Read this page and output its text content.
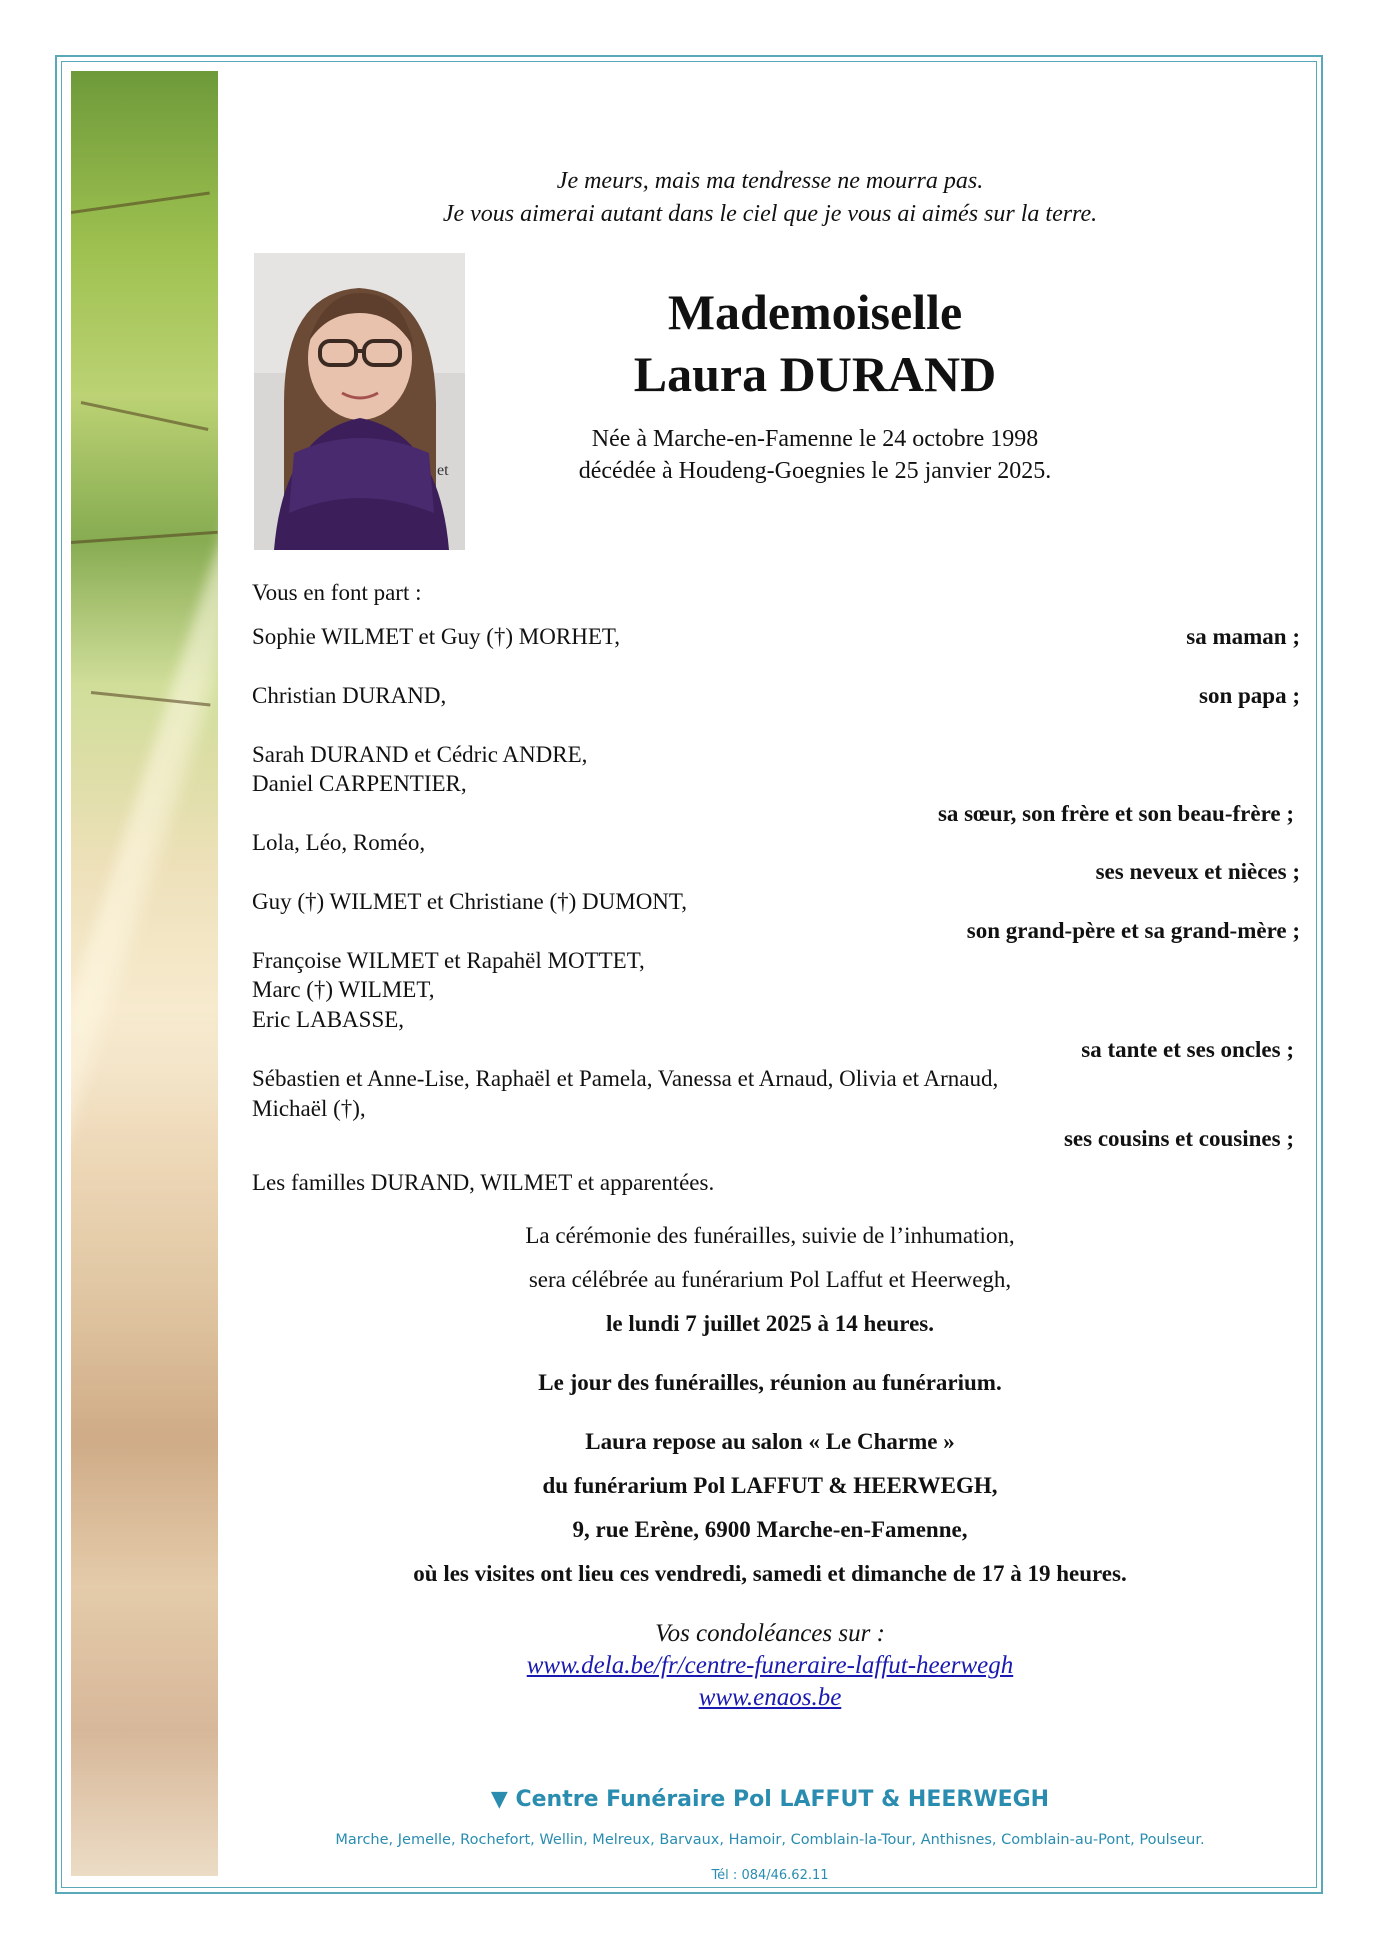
Je meurs, mais ma tendresse ne mourra pas.
Je vous aimerai autant dans le ciel que je vous ai aimés sur la terre.
Mademoiselle
Laura DURAND
Née à Marche-en-Famenne le 24 octobre 1998
décédée à Houdeng-Goegnies le 25 janvier 2025.
et
Vous en font part :
Sophie WILMET et Guy (†) MORHET,	sa maman ;
Christian DURAND,	son papa ;
Sarah DURAND et Cédric ANDRE,
Daniel CARPENTIER,
sa sœur, son frère et son beau-frère ;
Lola, Léo, Roméo,
ses neveux et nièces ;
Guy (†) WILMET et Christiane (†) DUMONT,
son grand-père et sa grand-mère ;
Françoise WILMET et Rapahël MOTTET,
Marc (†) WILMET,
Eric LABASSE,
sa tante et ses oncles ;
Sébastien et Anne-Lise, Raphaël et Pamela, Vanessa et Arnaud, Olivia et Arnaud,
Michaël (†),
ses cousins et cousines ;
Les familles DURAND, WILMET et apparentées.
La cérémonie des funérailles, suivie de l’inhumation,
sera célébrée au funérarium Pol Laffut et Heerwegh,
le lundi 7 juillet 2025 à 14 heures.
Le jour des funérailles, réunion au funérarium.
Laura repose au salon « Le Charme »
du funérarium Pol LAFFUT & HEERWEGH,
9, rue Erène, 6900 Marche-en-Famenne,
où les visites ont lieu ces vendredi, samedi et dimanche de 17 à 19 heures.
Vos condoléances sur :
www.dela.be/fr/centre-funeraire-laffut-heerwegh
www.enaos.be
▼ Centre Funéraire Pol LAFFUT & HEERWEGH
Marche, Jemelle, Rochefort, Wellin, Melreux, Barvaux, Hamoir, Comblain-la-Tour, Anthisnes, Comblain-au-Pont, Poulseur.
Tél : 084/46.62.11
